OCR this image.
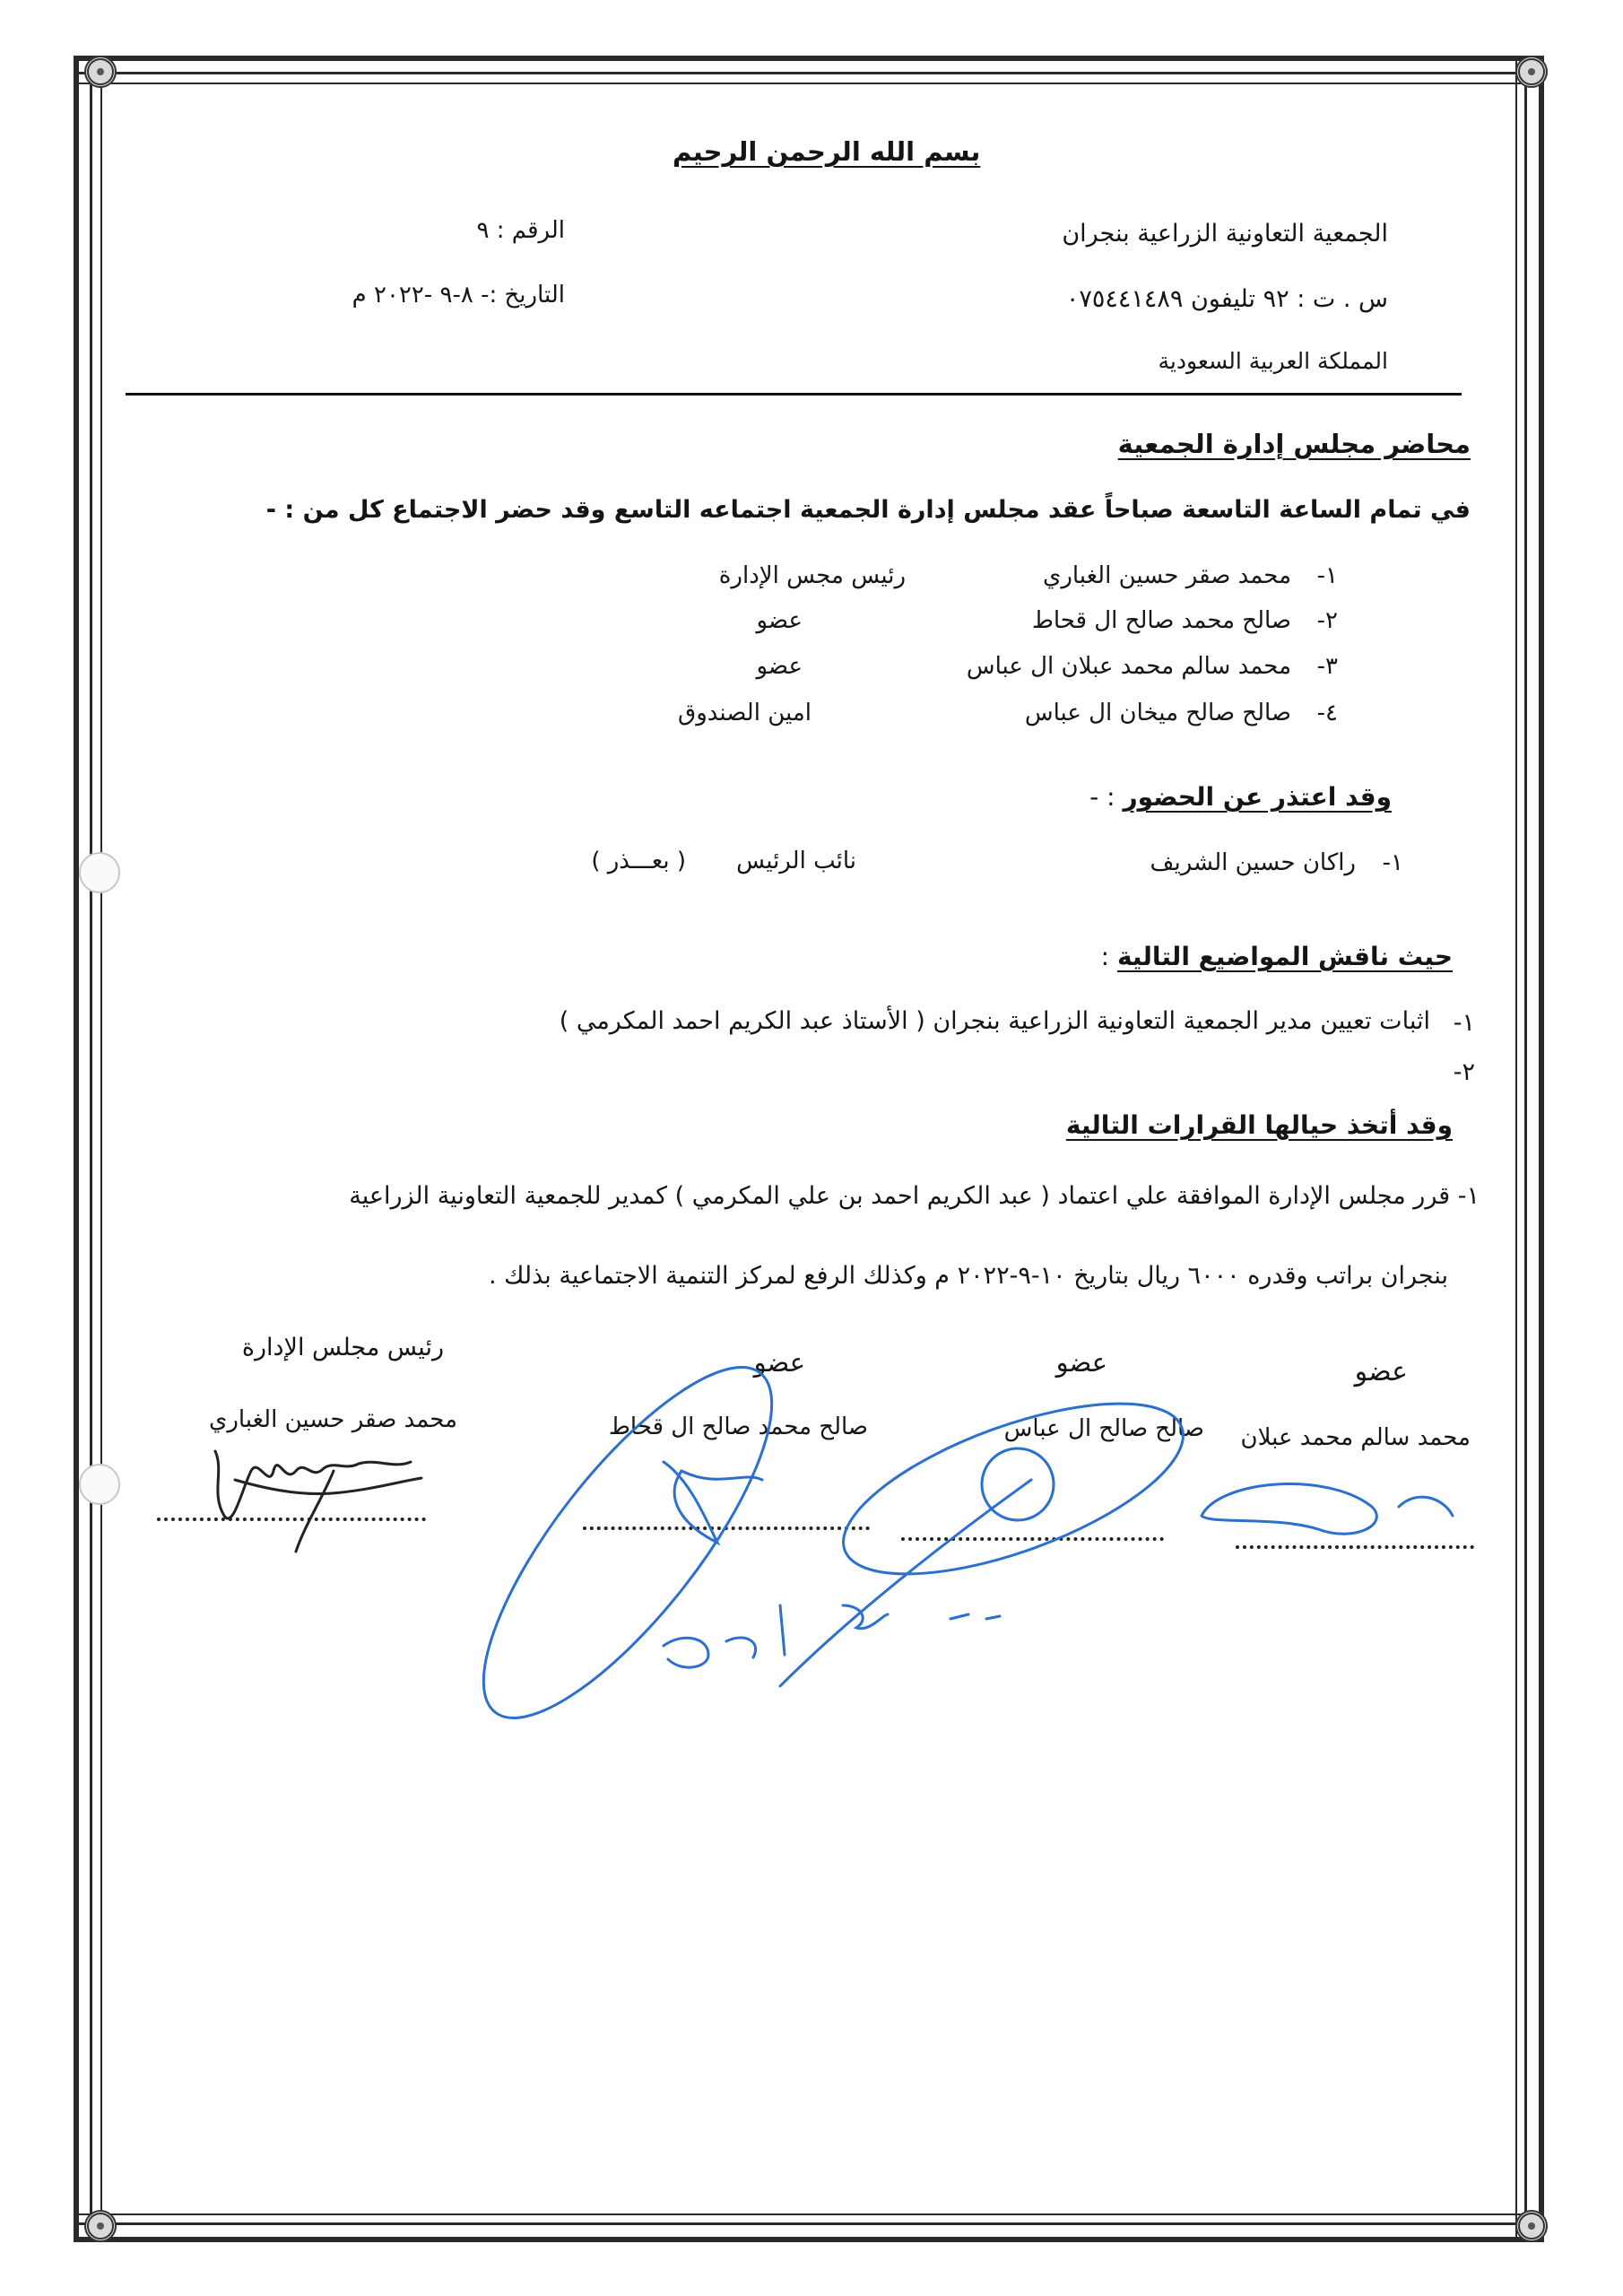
بسم الله الرحمن الرحيم
الجمعية التعاونية الزراعية بنجران
س . ت : ٩٢ تليفون ٠٧٥٤٤١٤٨٩
المملكة العربية السعودية
الرقم : ٩
التاريخ :- ٨-٩ -٢٠٢٢ م
محاضر مجلس إدارة الجمعية
في تمام الساعة التاسعة صباحاً عقد مجلس إدارة الجمعية اجتماعه التاسع وقد حضر الاجتماع كل من : -
١-
محمد صقر حسين الغباري
رئيس مجس الإدارة
٢-
صالح محمد صالح ال قحاط
عضو
٣-
محمد سالم محمد عبلان ال عباس
عضو
٤-
صالح صالح ميخان ال عباس
امين الصندوق
وقد اعتذر عن الحضور : -
١-
راكان حسين الشريف
نائب الرئيس
( بعـــذر )
حيث ناقش المواضيع التالية :
١-
اثبات تعيين مدير الجمعية التعاونية الزراعية بنجران ( الأستاذ عبد الكريم احمد المكرمي )
٢-
وقد أتخذ حيالها القرارات التالية
١- قرر مجلس الإدارة الموافقة علي اعتماد ( عبد الكريم احمد بن علي المكرمي ) كمدير للجمعية التعاونية الزراعية
بنجران براتب وقدره ٦٠٠٠ ريال بتاريخ ١٠-٩-٢٠٢٢ م وكذلك الرفع لمركز التنمية الاجتماعية بذلك .
عضو
عضو
عضو
رئيس مجلس الإدارة
محمد سالم محمد عبلان
صالح صالح ال عباس
صالح محمد صالح ال قحاط
محمد صقر حسين الغباري
